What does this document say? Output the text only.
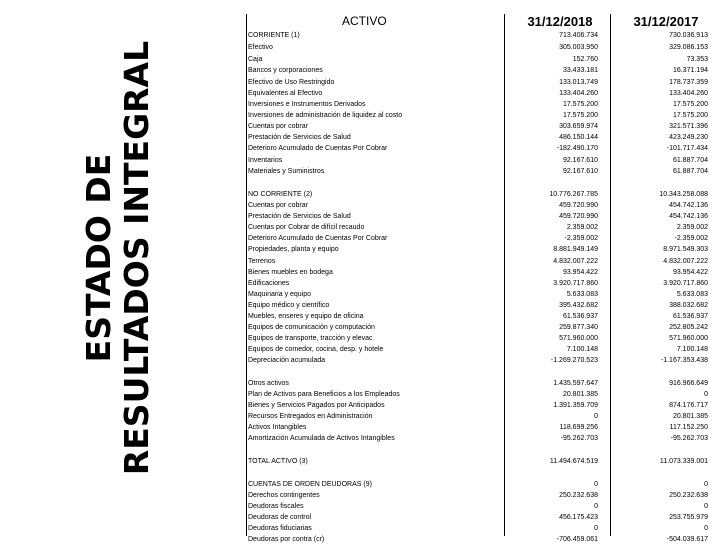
ESTADO DE RESULTADOS INTEGRAL
ACTIVO	31/12/2018	31/12/2017
CORRIENTE (1)	713.406.734	730.036.913
Efectivo	305.003.950	329.086.153
Caja	152.760	73.353
Bancos y corporaciones	33.433.181	16.371.194
Efectivo de Uso Restringido	133.013.749	178.737.359
Equivalentes al Efectivo	133.404.260	133.404.260
Inversiones e Instrumentos Derivados	17.575.200	17.575.200
Inversiones de administración de liquidez al costo	17.575.200	17.575.200
Cuentas por cobrar	303.659.974	321.571.396
Prestación de Servicios de Salud	486.150.144	423.249.230
Deterioro Acumulado de Cuentas Por Cobrar	-182.490.170	-101.717.434
Inventarios	92.167.610	61.887.704
Materiales y Suministros	92.167.610	61.887.704
NO CORRIENTE (2)	10.776.267.785	10.343.258.088
Cuentas por cobrar	459.720.990	454.742.136
Prestación de Servicios de Salud	459.720.990	454.742.136
Cuentas por Cobrar de difícil recaudo	2.359.002	2.359.002
Deterioro Acumulado de Cuentas Por Cobrar	-2.359.002	-2.359.002
Propiedades, planta y equipo	8.881.949.149	8.971.549.303
Terrenos	4.832.007.222	4.832.007.222
Bienes muebles en bodega	93.954.422	93.954.422
Edificaciones	3.920.717.860	3.920.717.860
Maquinaria y equipo	5.633.083	5.633.083
Equipo médico y científico	395.432.682	388.032.682
Muebles, enseres y equipo de oficina	61.536.937	61.536.937
Equipos de comunicación y computación	259.877.340	252.805.242
Equipos de transporte, tracción y elevac	571.960.000	571.960.000
Equipos de comedor, cocina, desp. y hotele	7.100.148	7.100.148
Depreciación acumulada	-1.269.270.523	-1.167.353.438
Otros activos	1.435.597.647	916.966.649
Plan de Activos para Beneficios a los Empleados	20.801.385	0
Bienes y Servicios Pagados por Anticipados	1.391.359.709	874.176.717
Recursos Entregados en Administración	0	20.801.385
Activos Intangibles	118.699.256	117.152.250
Amortización Acumulada de Activos Intangibles	-95.262.703	-95.262.703
TOTAL ACTIVO (3)	11.494.674.519	11.073.339.001
CUENTAS DE ORDEN DEUDORAS (9)	0	0
Derechos contingentes	250.232.638	250.232.638
Deudoras fiscales	0	0
Deudoras de control	456.175.423	253.755.979
Deudoras fiduciarias	0	0
Deudoras por contra (cr)	-706.459.061	-504.039.617
